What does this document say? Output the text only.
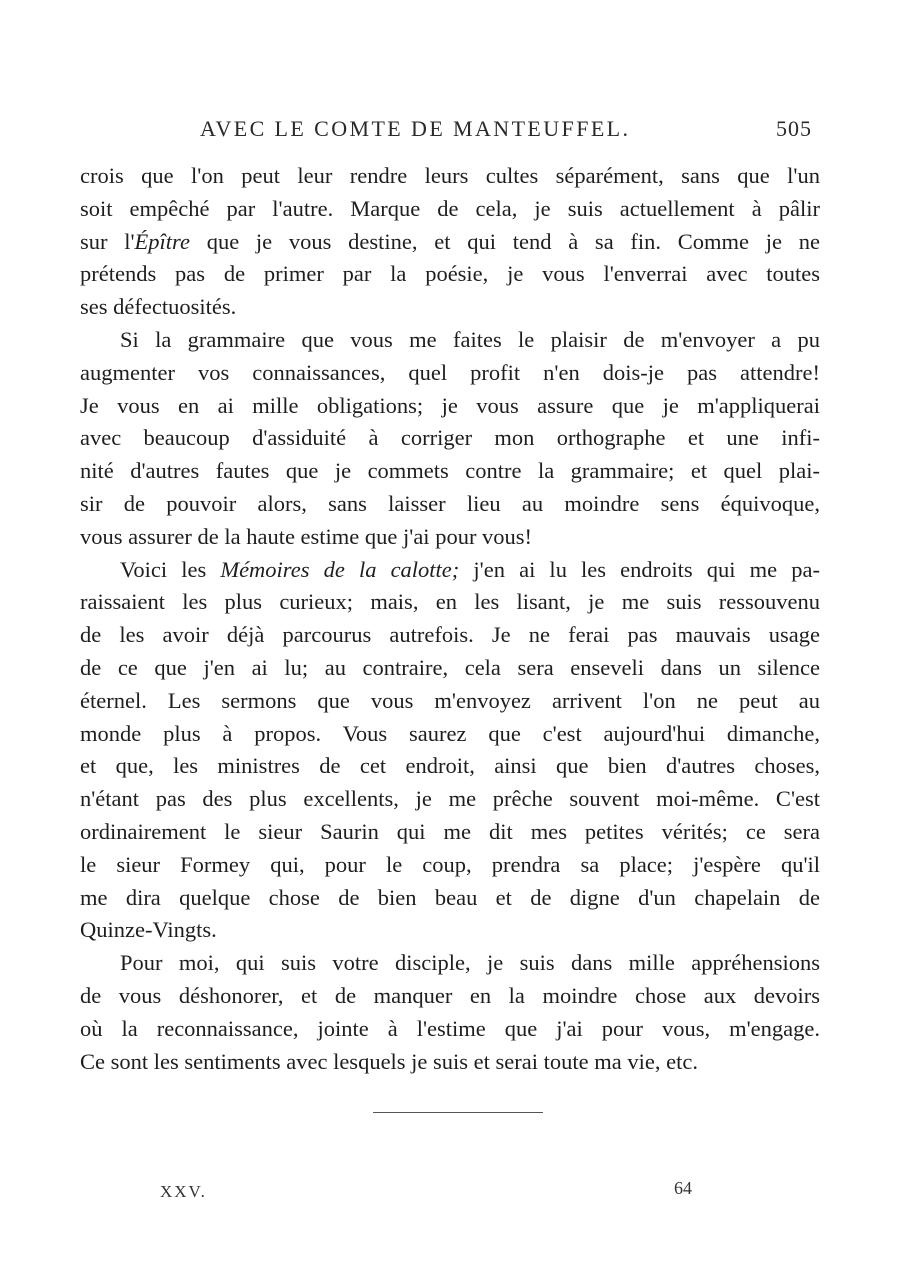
AVEC LE COMTE DE MANTEUFFEL.	505

crois que l'on peut leur rendre leurs cultes séparément, sans que l'un
soit empêché par l'autre. Marque de cela, je suis actuellement à pâlir
sur l'Épître que je vous destine, et qui tend à sa fin. Comme je ne
prétends pas de primer par la poésie, je vous l'enverrai avec toutes
ses défectuosités.

Si la grammaire que vous me faites le plaisir de m'envoyer a pu
augmenter vos connaissances, quel profit n'en dois-je pas attendre!
Je vous en ai mille obligations; je vous assure que je m'appliquerai
avec beaucoup d'assiduité à corriger mon orthographe et une infi-
nité d'autres fautes que je commets contre la grammaire; et quel plai-
sir de pouvoir alors, sans laisser lieu au moindre sens équivoque,
vous assurer de la haute estime que j'ai pour vous!

Voici les Mémoires de la calotte; j'en ai lu les endroits qui me pa-
raissaient les plus curieux; mais, en les lisant, je me suis ressouvenu
de les avoir déjà parcourus autrefois. Je ne ferai pas mauvais usage
de ce que j'en ai lu; au contraire, cela sera enseveli dans un silence
éternel. Les sermons que vous m'envoyez arrivent l'on ne peut au
monde plus à propos. Vous saurez que c'est aujourd'hui dimanche,
et que, les ministres de cet endroit, ainsi que bien d'autres choses,
n'étant pas des plus excellents, je me prêche souvent moi-même. C'est
ordinairement le sieur Saurin qui me dit mes petites vérités; ce sera
le sieur Formey qui, pour le coup, prendra sa place; j'espère qu'il
me dira quelque chose de bien beau et de digne d'un chapelain de
Quinze-Vingts.

Pour moi, qui suis votre disciple, je suis dans mille appréhensions
de vous déshonorer, et de manquer en la moindre chose aux devoirs
où la reconnaissance, jointe à l'estime que j'ai pour vous, m'engage.
Ce sont les sentiments avec lesquels je suis et serai toute ma vie, etc.

XXV.	64
